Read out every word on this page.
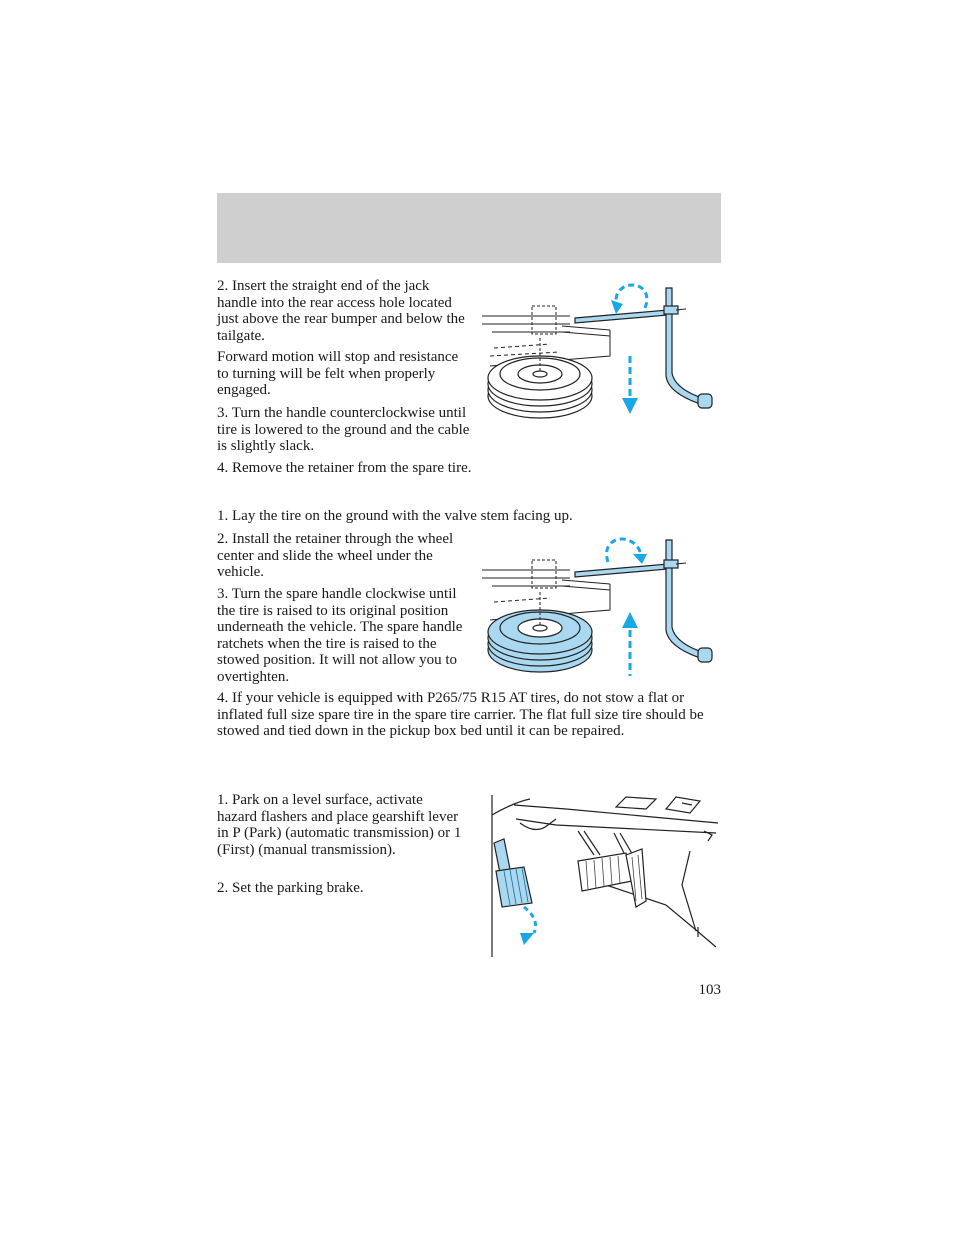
2. Insert the straight end of the jack handle into the rear access hole located just above the rear bumper and below the tailgate.

Forward motion will stop and resistance to turning will be felt when properly engaged.

3. Turn the handle counterclockwise until tire is lowered to the ground and the cable is slightly slack.

4. Remove the retainer from the spare tire.

1. Lay the tire on the ground with the valve stem facing up.

2. Install the retainer through the wheel center and slide the wheel under the vehicle.

3. Turn the spare handle clockwise until the tire is raised to its original position underneath the vehicle. The spare handle ratchets when the tire is raised to the stowed position. It will not allow you to overtighten.

4. If your vehicle is equipped with P265/75 R15 AT tires, do not stow a flat or inflated full size spare tire in the spare tire carrier. The flat full size tire should be stowed and tied down in the pickup box bed until it can be repaired.

1. Park on a level surface, activate hazard flashers and place gearshift lever in P (Park) (automatic transmission) or 1 (First) (manual transmission).

2. Set the parking brake.

103
